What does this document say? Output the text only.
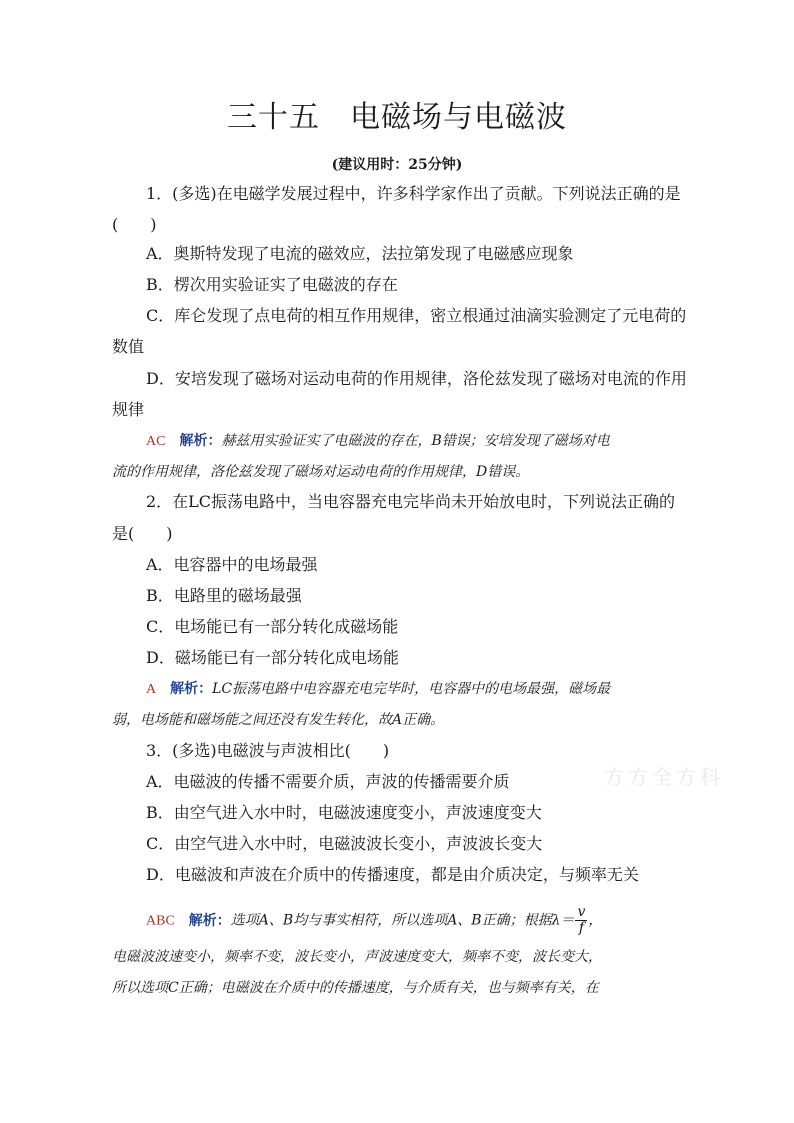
三十五 电磁场与电磁波
(建议用时：25分钟)
1．(多选)在电磁学发展过程中，许多科学家作出了贡献。下列说法正确的是
(　　)
A．奥斯特发现了电流的磁效应，法拉第发现了电磁感应现象
B．楞次用实验证实了电磁波的存在
C．库仑发现了点电荷的相互作用规律，密立根通过油滴实验测定了元电荷的
数值
D．安培发现了磁场对运动电荷的作用规律，洛伦兹发现了磁场对电流的作用
规律
AC 解析：赫兹用实验证实了电磁波的存在，B错误；安培发现了磁场对电
流的作用规律，洛伦兹发现了磁场对运动电荷的作用规律，D错误。
2．在LC振荡电路中，当电容器充电完毕尚未开始放电时，下列说法正确的
是(　　)
A．电容器中的电场最强
B．电路里的磁场最强
C．电场能已有一部分转化成磁场能
D．磁场能已有一部分转化成电场能
A 解析：LC振荡电路中电容器充电完毕时，电容器中的电场最强，磁场最
弱，电场能和磁场能之间还没有发生转化，故A正确。
3．(多选)电磁波与声波相比(　　)
A．电磁波的传播不需要介质，声波的传播需要介质
B．由空气进入水中时，电磁波速度变小，声波速度变大
C．由空气进入水中时，电磁波波长变小，声波波长变大
D．电磁波和声波在介质中的传播速度，都是由介质决定，与频率无关
ABC 解析：选项A、B均与事实相符，所以选项A、B正确；根据$\lambda= \frac{v}{f}$ ，
电磁波波速变小，频率不变，波长变小，声波速度变大，频率不变，波长变大，
所以选项C正确；电磁波在介质中的传播速度，与介质有关，也与频率有关，在
方方全方科
